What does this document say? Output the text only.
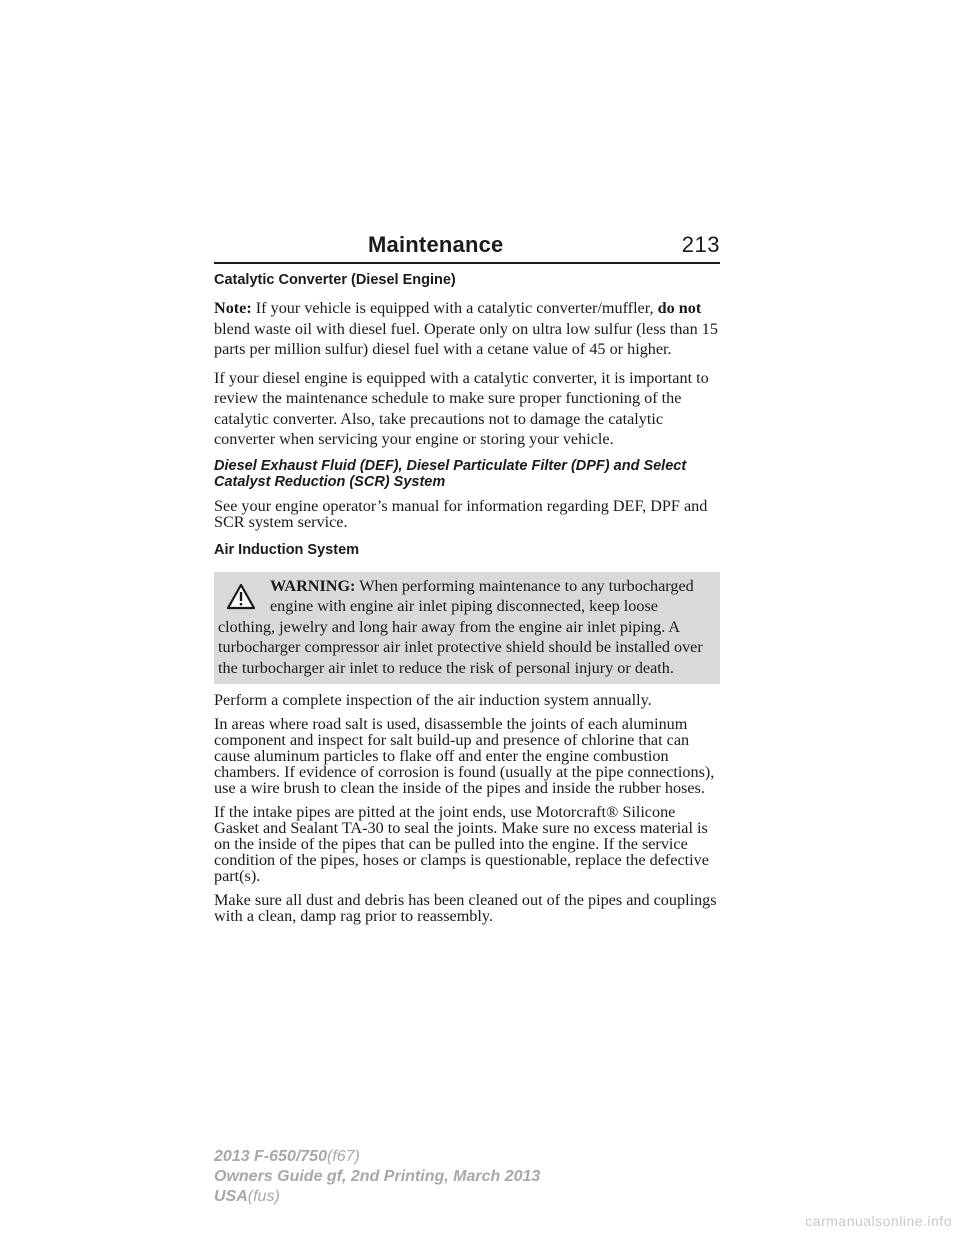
Maintenance	213
Catalytic Converter (Diesel Engine)

Note: If your vehicle is equipped with a catalytic converter/muffler, do not blend waste oil with diesel fuel. Operate only on ultra low sulfur (less than 15 parts per million sulfur) diesel fuel with a cetane value of 45 or higher.

If your diesel engine is equipped with a catalytic converter, it is important to review the maintenance schedule to make sure proper functioning of the catalytic converter. Also, take precautions not to damage the catalytic converter when servicing your engine or storing your vehicle.

Diesel Exhaust Fluid (DEF), Diesel Particulate Filter (DPF) and Select Catalyst Reduction (SCR) System

See your engine operator’s manual for information regarding DEF, DPF and SCR system service.

Air Induction System
WARNING: When performing maintenance to any turbocharged engine with engine air inlet piping disconnected, keep loose clothing, jewelry and long hair away from the engine air inlet piping. A turbocharger compressor air inlet protective shield should be installed over the turbocharger air inlet to reduce the risk of personal injury or death.

Perform a complete inspection of the air induction system annually.

In areas where road salt is used, disassemble the joints of each aluminum component and inspect for salt build-up and presence of chlorine that can cause aluminum particles to flake off and enter the engine combustion chambers. If evidence of corrosion is found (usually at the pipe connections), use a wire brush to clean the inside of the pipes and inside the rubber hoses.

If the intake pipes are pitted at the joint ends, use Motorcraft® Silicone Gasket and Sealant TA-30 to seal the joints. Make sure no excess material is on the inside of the pipes that can be pulled into the engine. If the service condition of the pipes, hoses or clamps is questionable, replace the defective part(s).

Make sure all dust and debris has been cleaned out of the pipes and couplings with a clean, damp rag prior to reassembly.

2013 F-650/750(f67)
Owners Guide gf, 2nd Printing, March 2013
USA(fus)
carmanualsonline.info
